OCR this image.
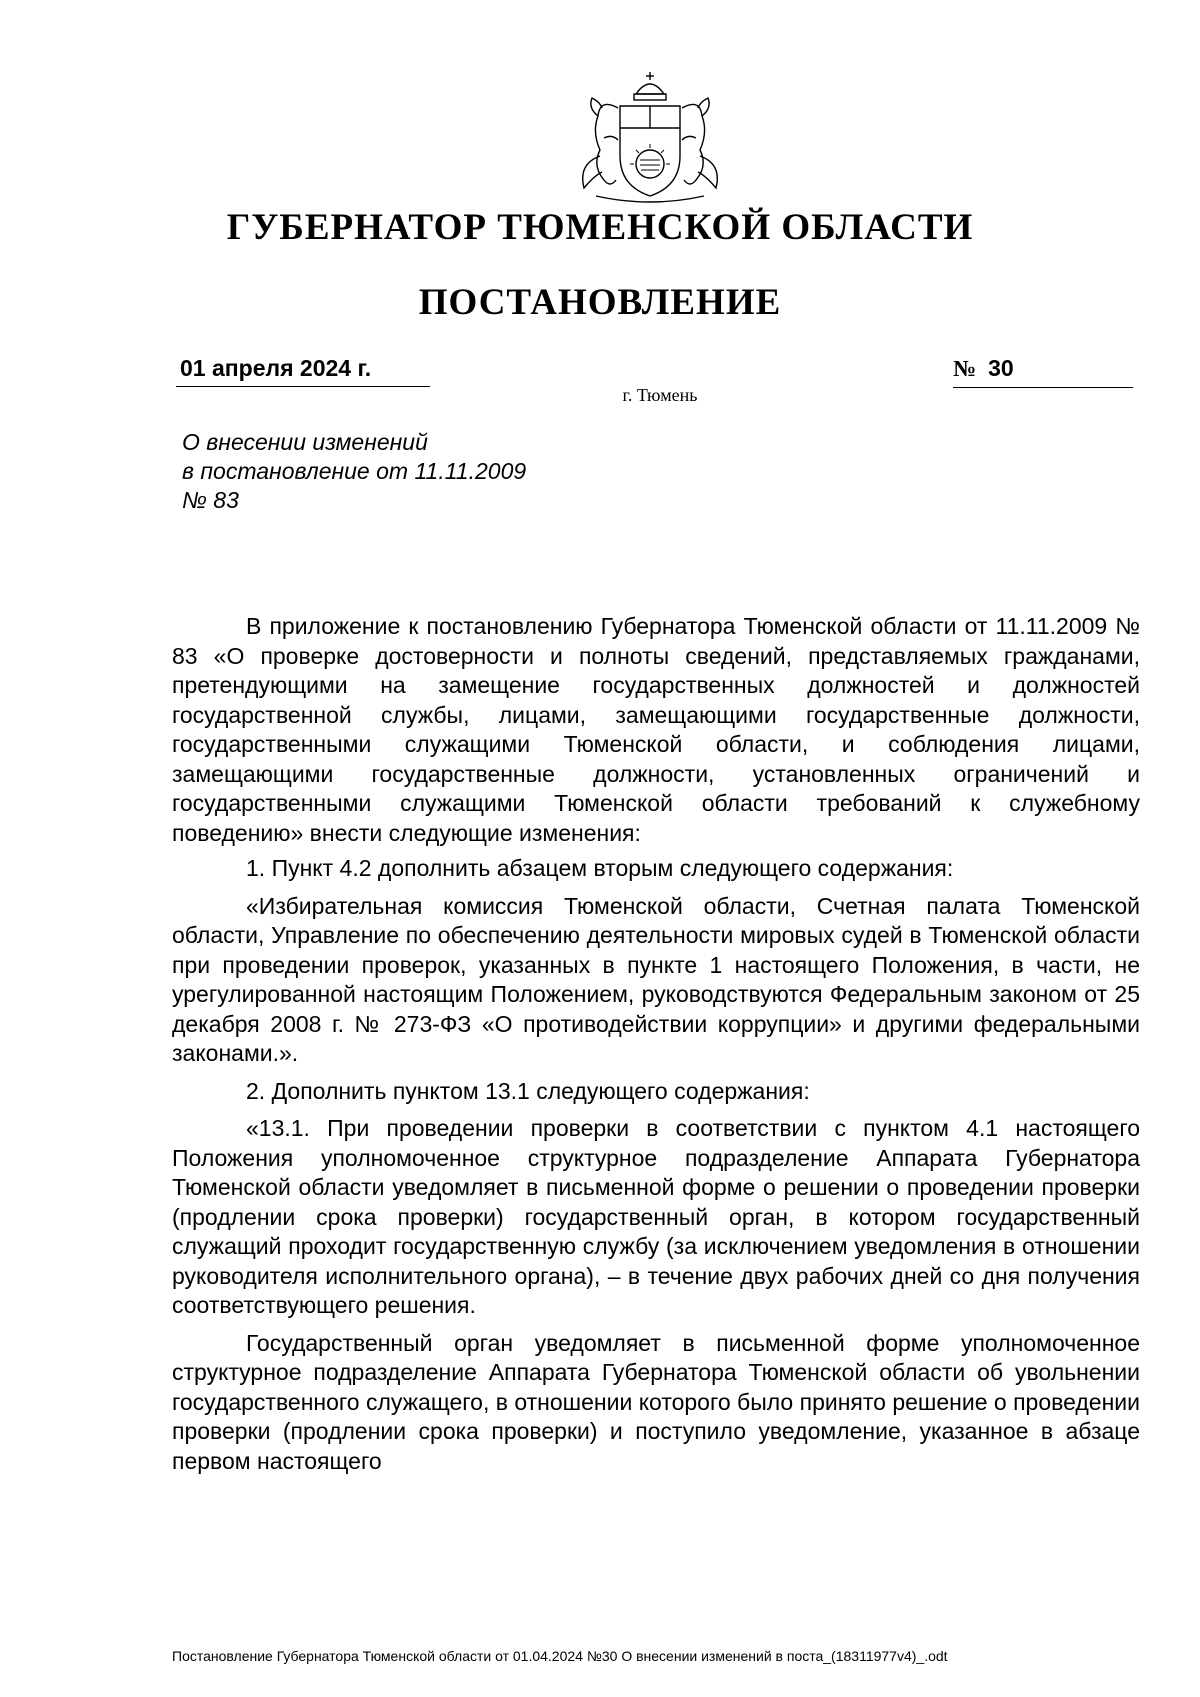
ГУБЕРНАТОР ТЮМЕНСКОЙ ОБЛАСТИ
ПОСТАНОВЛЕНИЕ
01 апреля 2024 г.	№ 30
г. Тюмень
О внесении изменений
в постановление от 11.11.2009
№ 83

В приложение к постановлению Губернатора Тюменской области от 11.11.2009 № 83 «О проверке достоверности и полноты сведений, представляемых гражданами, претендующими на замещение государственных должностей и должностей государственной службы, лицами, замещающими государственные должности, государственными служащими Тюменской области, и соблюдения лицами, замещающими государственные должности, установленных ограничений и государственными служащими Тюменской области требований к служебному поведению» внести следующие изменения:

1. Пункт 4.2 дополнить абзацем вторым следующего содержания:

«Избирательная комиссия Тюменской области, Счетная палата Тюменской области, Управление по обеспечению деятельности мировых судей в Тюменской области при проведении проверок, указанных в пункте 1 настоящего Положения, в части, не урегулированной настоящим Положением, руководствуются Федеральным законом от 25 декабря 2008 г. № 273-ФЗ «О противодействии коррупции» и другими федеральными законами.».

2. Дополнить пунктом 13.1 следующего содержания:

«13.1. При проведении проверки в соответствии с пунктом 4.1 настоящего Положения уполномоченное структурное подразделение Аппарата Губернатора Тюменской области уведомляет в письменной форме о решении о проведении проверки (продлении срока проверки) государственный орган, в котором государственный служащий проходит государственную службу (за исключением уведомления в отношении руководителя исполнительного органа), – в течение двух рабочих дней со дня получения соответствующего решения.

Государственный орган уведомляет в письменной форме уполномоченное структурное подразделение Аппарата Губернатора Тюменской области об увольнении государственного служащего, в отношении которого было принято решение о проведении проверки (продлении срока проверки) и поступило уведомление, указанное в абзаце первом настоящего

Постановление Губернатора Тюменской области от 01.04.2024 №30 О внесении изменений в поста_(18311977v4)_.odt
